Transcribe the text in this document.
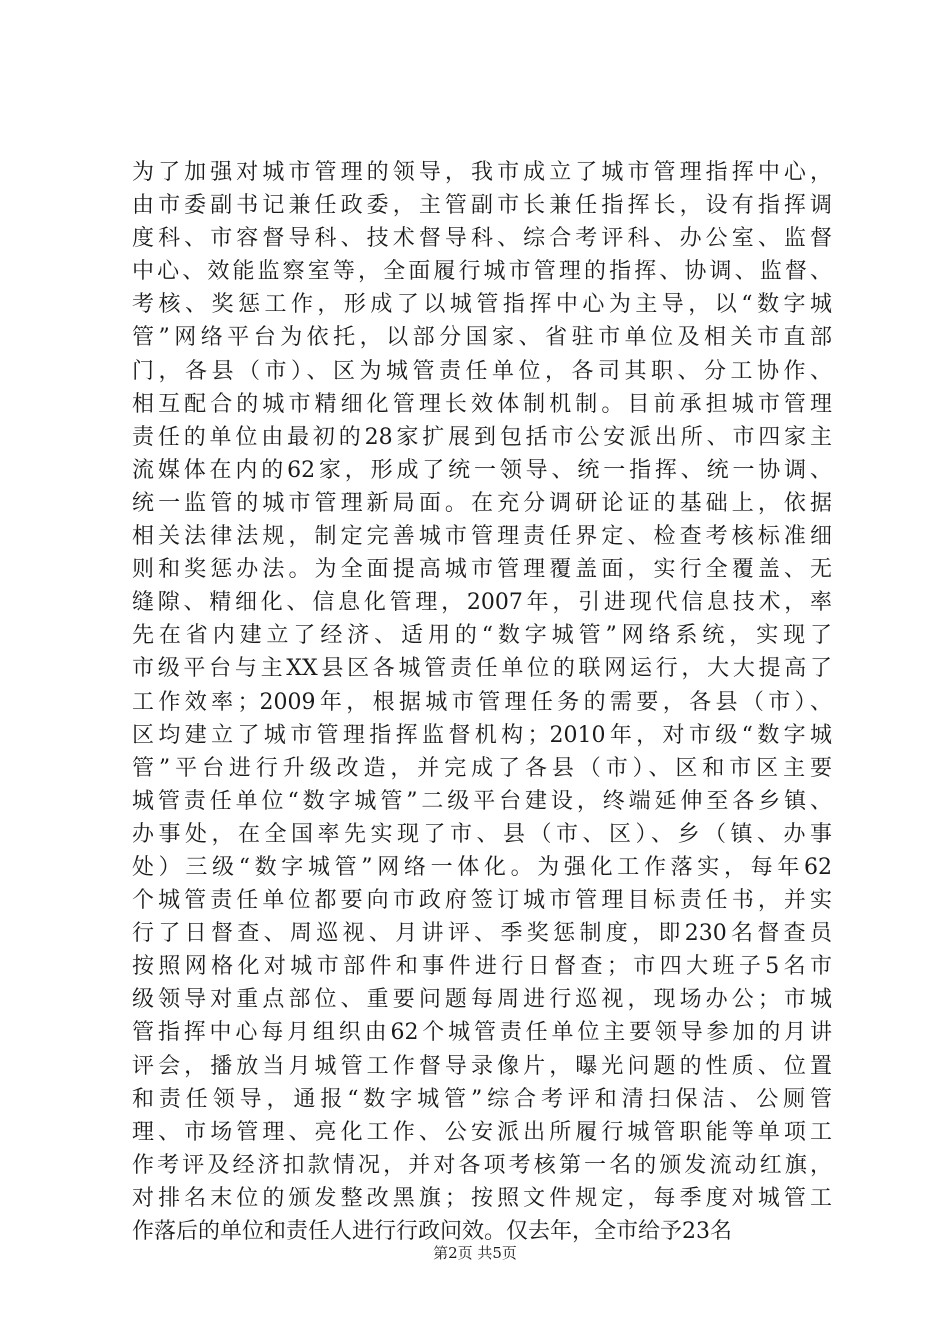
为了加强对城市管理的领导，我市成立了城市管理指挥中心，
由市委副书记兼任政委，主管副市长兼任指挥长，设有指挥调
度科、市容督导科、技术督导科、综合考评科、办公室、监督
中心、效能监察室等，全面履行城市管理的指挥、协调、监督、
考核、奖惩工作，形成了以城管指挥中心为主导，以“数字城
管”网络平台为依托，以部分国家、省驻市单位及相关市直部
门，各县（市）、区为城管责任单位，各司其职、分工协作、
相互配合的城市精细化管理长效体制机制。目前承担城市管理
责任的单位由最初的28家扩展到包括市公安派出所、市四家主
流媒体在内的62家，形成了统一领导、统一指挥、统一协调、
统一监管的城市管理新局面。在充分调研论证的基础上，依据
相关法律法规，制定完善城市管理责任界定、检查考核标准细
则和奖惩办法。为全面提高城市管理覆盖面，实行全覆盖、无
缝隙、精细化、信息化管理，2007年，引进现代信息技术，率
先在省内建立了经济、适用的“数字城管”网络系统，实现了
市级平台与主XX县区各城管责任单位的联网运行，大大提高了
工作效率；2009年，根据城市管理任务的需要，各县（市）、
区均建立了城市管理指挥监督机构；2010年，对市级“数字城
管”平台进行升级改造，并完成了各县（市）、区和市区主要
城管责任单位“数字城管”二级平台建设，终端延伸至各乡镇、
办事处，在全国率先实现了市、县（市、区）、乡（镇、办事
处）三级“数字城管”网络一体化。为强化工作落实，每年62
个城管责任单位都要向市政府签订城市管理目标责任书，并实
行了日督查、周巡视、月讲评、季奖惩制度，即230名督查员
按照网格化对城市部件和事件进行日督查；市四大班子5名市
级领导对重点部位、重要问题每周进行巡视，现场办公；市城
管指挥中心每月组织由62个城管责任单位主要领导参加的月讲
评会，播放当月城管工作督导录像片，曝光问题的性质、位置
和责任领导，通报“数字城管”综合考评和清扫保洁、公厕管
理、市场管理、亮化工作、公安派出所履行城管职能等单项工
作考评及经济扣款情况，并对各项考核第一名的颁发流动红旗，
对排名末位的颁发整改黑旗；按照文件规定，每季度对城管工
作落后的单位和责任人进行行政问效。仅去年，全市给予23名
第2页 共5页
